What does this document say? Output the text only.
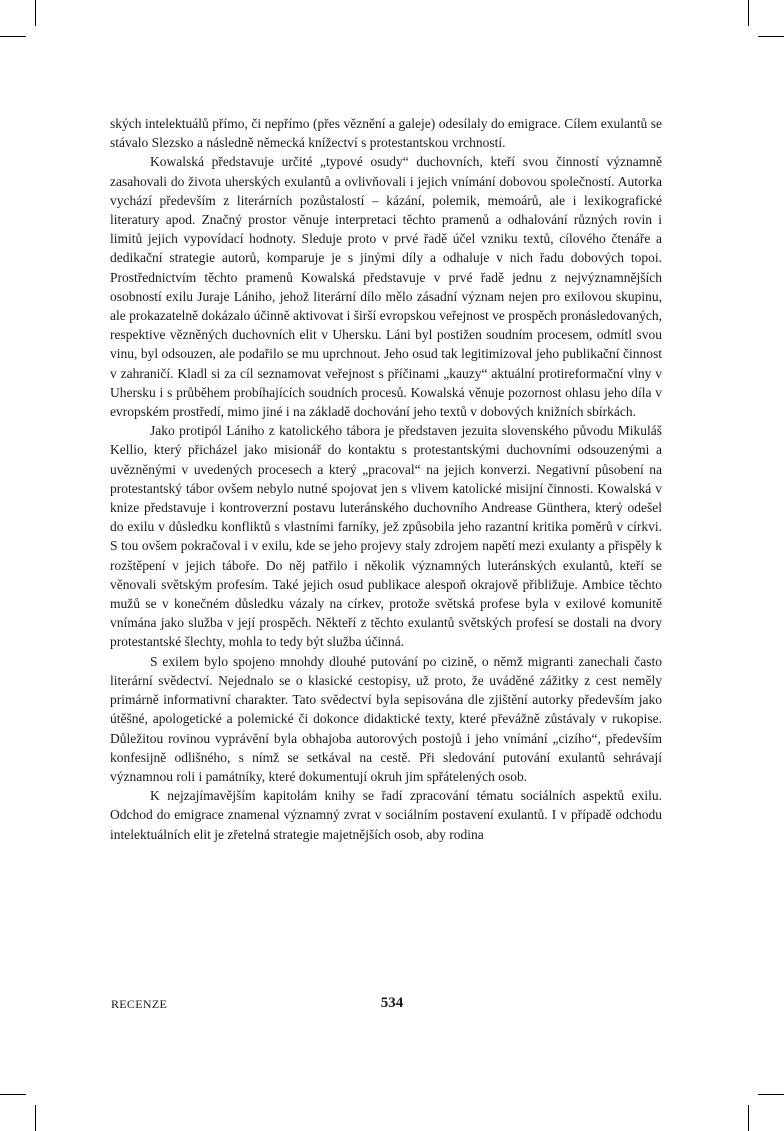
ských intelektuálů přímo, či nepřímo (přes věznění a galeje) odesílaly do emigrace. Cílem exulantů se stávalo Slezsko a následně německá knížectví s protestantskou vrchností.

Kowalská představuje určité „typové osudy“ duchovních, kteří svou činností významně zasahovali do života uherských exulantů a ovlivňovali i jejich vnímání dobovou společností. Autorka vychází především z literárních pozůstalostí – kázání, polemik, memoárů, ale i lexikografické literatury apod. Značný prostor věnuje interpretaci těchto pramenů a odhalování různých rovin i limitů jejich vypovídací hodnoty. Sleduje proto v prvé řadě účel vzniku textů, cílového čtenáře a dedikační strategie autorů, komparuje je s jinými díly a odhaluje v nich řadu dobových topoi. Prostřednictvím těchto pramenů Kowalská představuje v prvé řadě jednu z nejvýznamnějších osobností exilu Juraje Lániho, jehož literární dílo mělo zásadní význam nejen pro exilovou skupinu, ale prokazatelně dokázalo účinně aktivovat i širší evropskou veřejnost ve prospěch pronásledovaných, respektive vězněných duchovních elit v Uhersku. Láni byl postižen soudním procesem, odmítl svou vinu, byl odsouzen, ale podařilo se mu uprchnout. Jeho osud tak legitimizoval jeho publikační činnost v zahraničí. Kladl si za cíl seznamovat veřejnost s příčinami „kauzy“ aktuální protireformační vlny v Uhersku i s průběhem probíhajících soudních procesů. Kowalská věnuje pozornost ohlasu jeho díla v evropském prostředí, mimo jiné i na základě dochování jeho textů v dobových knižních sbírkách.

Jako protipól Lániho z katolického tábora je představen jezuita slovenského původu Mikuláš Kellio, který přicházel jako misionář do kontaktu s protestantskými duchovními odsouzenými a uvězněnými v uvedených procesech a který „pracoval“ na jejich konverzi. Negativní působení na protestantský tábor ovšem nebylo nutné spojovat jen s vlivem katolické misijní činnosti. Kowalská v knize představuje i kontroverzní postavu luteránského duchovního Andrease Günthera, který odešel do exilu v důsledku konfliktů s vlastními farníky, jež způsobila jeho razantní kritika poměrů v církvi. S tou ovšem pokračoval i v exilu, kde se jeho projevy staly zdrojem napětí mezi exulanty a přispěly k rozštěpení v jejich táboře. Do něj patřilo i několik významných luteránských exulantů, kteří se věnovali světským profesím. Také jejich osud publikace alespoň okrajově přibližuje. Ambice těchto mužů se v konečném důsledku vázaly na církev, protože světská profese byla v exilové komunitě vnímána jako služba v její prospěch. Někteří z těchto exulantů světských profesí se dostali na dvory protestantské šlechty, mohla to tedy být služba účinná.

S exilem bylo spojeno mnohdy dlouhé putování po cizině, o němž migranti zanechali často literární svědectví. Nejednalo se o klasické cestopisy, už proto, že uváděné zážitky z cest neměly primárně informativní charakter. Tato svědectví byla sepisována dle zjištění autorky především jako útěšné, apologetické a polemické či dokonce didaktické texty, které převážně zůstávaly v rukopise. Důležitou rovinou vyprávění byla obhajoba autorových postojů i jeho vnímání „cizího“, především konfesijně odlišného, s nímž se setkával na cestě. Při sledování putování exulantů sehrávají významnou roli i památníky, které dokumentují okruh jim spřátelených osob.

K nejzajímavějším kapitolám knihy se řadí zpracování tématu sociálních aspektů exilu. Odchod do emigrace znamenal významný zvrat v sociálním postavení exulantů. I v případě odchodu intelektuálních elit je zřetelná strategie majetnějších osob, aby rodina

RECENZE	534
